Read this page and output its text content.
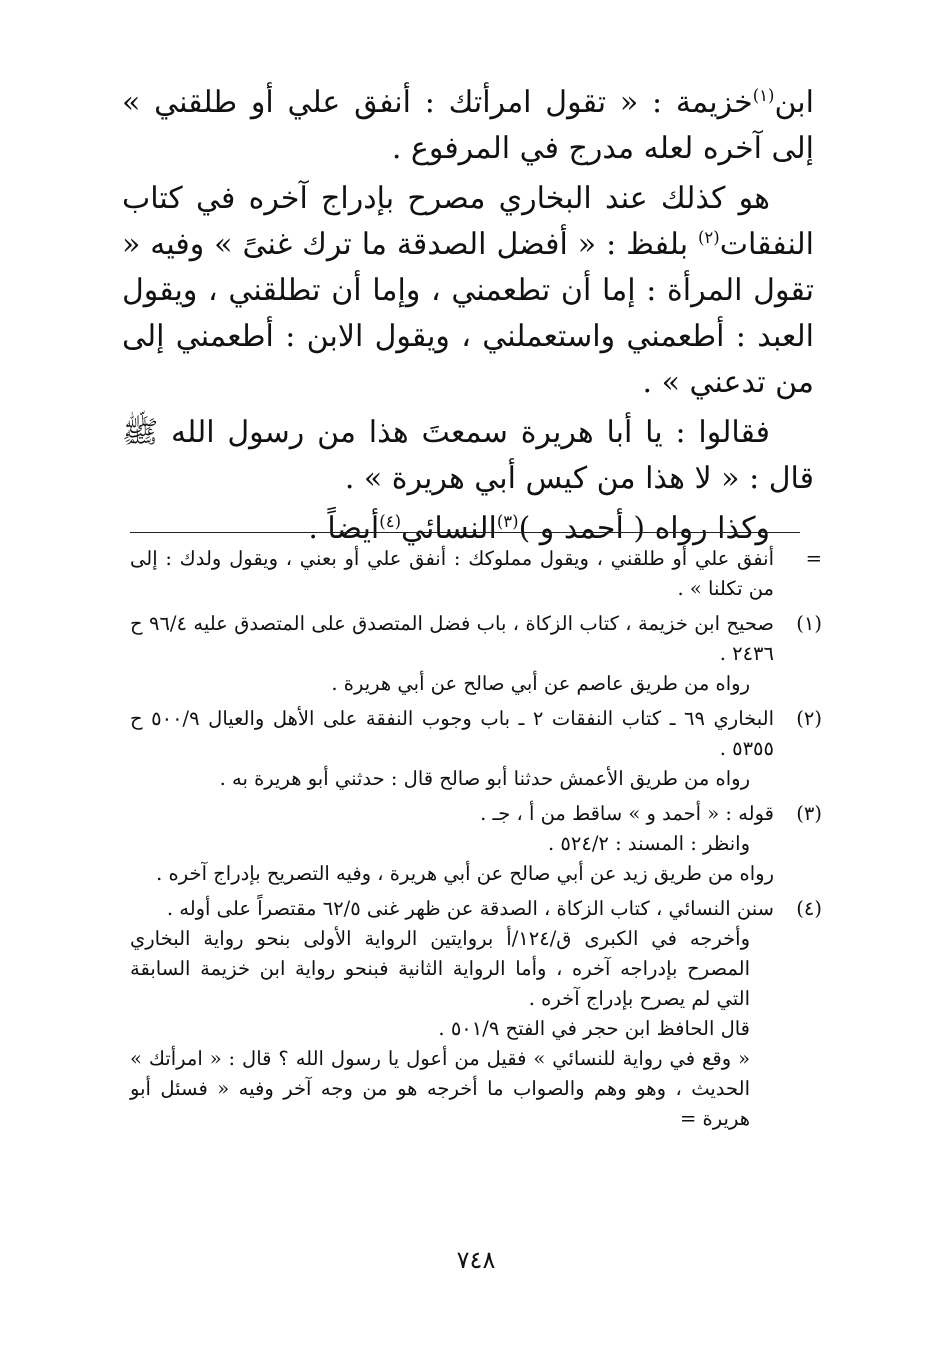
ابن$^{(١)}$خزيمة : « تقول امرأتك : أنفق علي أو طلقني » إلى آخره لعله مدرج في المرفوع .

هو كذلك عند البخاري مصرح بإدراج آخره في كتاب النفقات$^{(٢)}$ بلفظ : « أفضل الصدقة ما ترك غنىً » وفيه « تقول المرأة : إما أن تطعمني ، وإما أن تطلقني ، ويقول العبد : أطعمني واستعملني ، ويقول الابن : أطعمني إلى من تدعني » .

فقالوا : يا أبا هريرة سمعتَ هذا من رسول الله ﷺ قال : « لا هذا من كيس أبي هريرة » .

وكذا رواه ( أحمد و )$^{(٣)}$النسائي$^{(٤)}$أيضاً .

=

أنفق علي أو طلقني ، ويقول مملوكك : أنفق علي أو بعني ، ويقول ولدك : إلى من تكلنا » .

(١)

صحيح ابن خزيمة ، كتاب الزكاة ، باب فضل المتصدق على المتصدق عليه ٩٦/٤ ح ٢٤٣٦ .

رواه من طريق عاصم عن أبي صالح عن أبي هريرة .

(٢)

البخاري ٦٩ ـ كتاب النفقات ٢ ـ باب وجوب النفقة على الأهل والعيال ٥٠٠/٩ ح ٥٣٥٥ .

رواه من طريق الأعمش حدثنا أبو صالح قال : حدثني أبو هريرة به .

(٣)

قوله : « أحمد و » ساقط من أ ، جـ .

وانظر : المسند : ٥٢٤/٢ .

رواه من طريق زيد عن أبي صالح عن أبي هريرة ، وفيه التصريح بإدراج آخره .

(٤)

سنن النسائي ، كتاب الزكاة ، الصدقة عن ظهر غنى ٦٢/٥ مقتصراً على أوله .

وأخرجه في الكبرى ق/١٢٤/أ بروايتين الرواية الأولى بنحو رواية البخاري المصرح بإدراجه آخره ، وأما الرواية الثانية فبنحو رواية ابن خزيمة السابقة التي لم يصرح بإدراج آخره .

قال الحافظ ابن حجر في الفتح ٥٠١/٩ .

« وقع في رواية للنسائي » فقيل من أعول يا رسول الله ؟ قال : « امرأتك » الحديث ، وهو وهم والصواب ما أخرجه هو من وجه آخر وفيه « فسئل أبو هريرة =

٧٤٨
